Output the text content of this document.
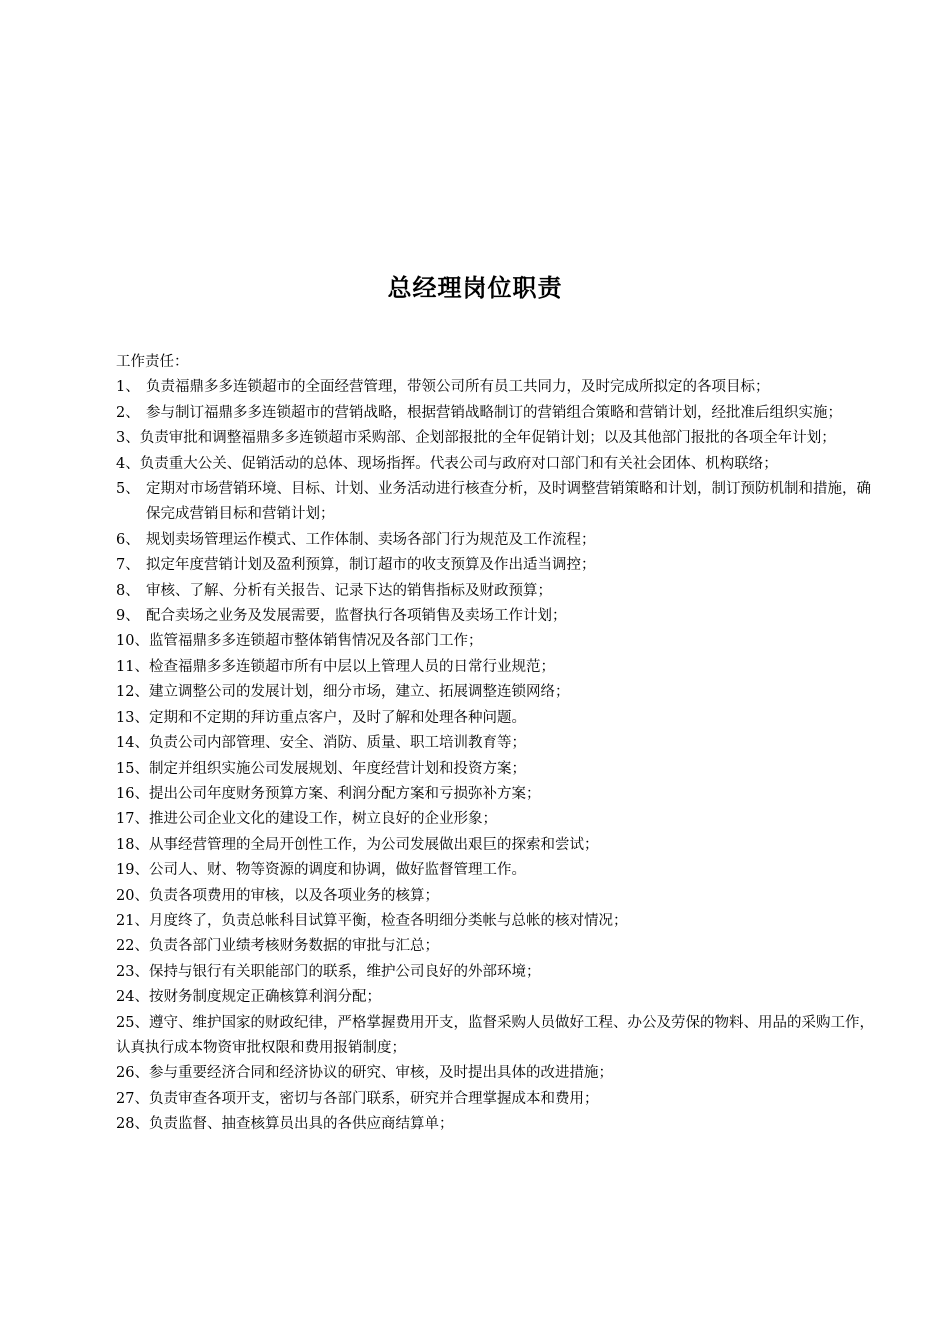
总经理岗位职责
工作责任：
1、 负责福鼎多多连锁超市的全面经营管理，带领公司所有员工共同力，及时完成所拟定的各项目标；
2、 参与制订福鼎多多连锁超市的营销战略，根据营销战略制订的营销组合策略和营销计划，经批准后组织实施；
3、 负责审批和调整福鼎多多连锁超市采购部、企划部报批的全年促销计划；以及其他部门报批的各项全年计划；
4、 负责重大公关、促销活动的总体、现场指挥。代表公司与政府对口部门和有关社会团体、机构联络；
5、 定期对市场营销环境、目标、计划、业务活动进行核查分析，及时调整营销策略和计划，制订预防机制和措施，确保完成营销目标和营销计划；
6、 规划卖场管理运作模式、工作体制、卖场各部门行为规范及工作流程；
7、 拟定年度营销计划及盈利预算，制订超市的收支预算及作出适当调控；
8、 审核、了解、分析有关报告、记录下达的销售指标及财政预算；
9、 配合卖场之业务及发展需要，监督执行各项销售及卖场工作计划；
10、 监管福鼎多多连锁超市整体销售情况及各部门工作；
11、 检查福鼎多多连锁超市所有中层以上管理人员的日常行业规范；
12、 建立调整公司的发展计划，细分市场，建立、拓展调整连锁网络；
13、 定期和不定期的拜访重点客户，及时了解和处理各种问题。
14、 负责公司内部管理、安全、消防、质量、职工培训教育等；
15、 制定并组织实施公司发展规划、年度经营计划和投资方案；
16、 提出公司年度财务预算方案、利润分配方案和亏损弥补方案；
17、 推进公司企业文化的建设工作，树立良好的企业形象；
18、 从事经营管理的全局开创性工作，为公司发展做出艰巨的探索和尝试；
19、 公司人、财、物等资源的调度和协调，做好监督管理工作。
20、 负责各项费用的审核，以及各项业务的核算；
21、 月度终了，负责总帐科目试算平衡，检查各明细分类帐与总帐的核对情况；
22、 负责各部门业绩考核财务数据的审批与汇总；
23、 保持与银行有关职能部门的联系，维护公司良好的外部环境；
24、 按财务制度规定正确核算利润分配；
25、遵守、维护国家的财政纪律，严格掌握费用开支，监督采购人员做好工程、办公及劳保的物料、用品的采购工作，认真执行成本物资审批权限和费用报销制度；
26、 参与重要经济合同和经济协议的研究、审核，及时提出具体的改进措施；
27、 负责审查各项开支，密切与各部门联系，研究并合理掌握成本和费用；
28、 负责监督、抽查核算员出具的各供应商结算单；
